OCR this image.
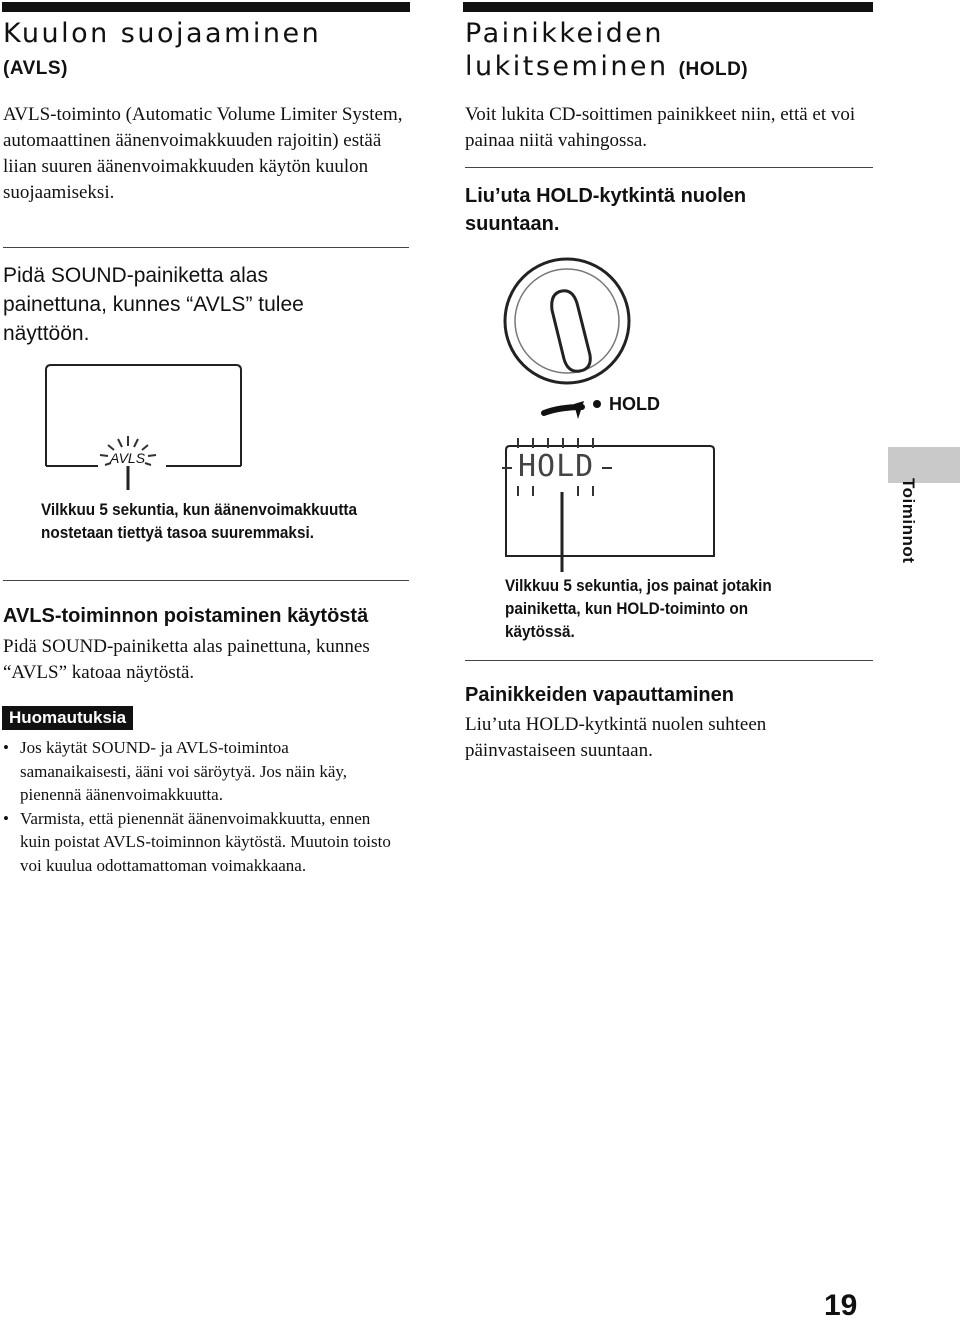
Kuulon suojaaminen
(AVLS)
AVLS-toiminto (Automatic Volume Limiter System, automaattinen äänenvoimakkuuden rajoitin) estää liian suuren äänenvoimakkuuden käytön kuulon suojaamiseksi.
Pidä SOUND-painiketta alas painettuna, kunnes “AVLS” tulee näyttöön.
AVLS
Vilkkuu 5 sekuntia, kun äänenvoimakkuutta nostetaan tiettyä tasoa suuremmaksi.
AVLS-toiminnon poistaminen käytöstä
Pidä SOUND-painiketta alas painettuna, kunnes “AVLS” katoaa näytöstä.
Huomautuksia
• Jos käytät SOUND- ja AVLS-toimintoa samanaikaisesti, ääni voi säröytyä. Jos näin käy, pienennä äänenvoimakkuutta.
• Varmista, että pienennät äänenvoimakkuutta, ennen kuin poistat AVLS-toiminnon käytöstä. Muutoin toisto voi kuulua odottamattoman voimakkaana.
Painikkeiden
lukitseminen (HOLD)
Voit lukita CD-soittimen painikkeet niin, että et voi painaa niitä vahingossa.
Liu’uta HOLD-kytkintä nuolen suuntaan.
HOLD
HOLD
Vilkkuu 5 sekuntia, jos painat jotakin painiketta, kun HOLD-toiminto on käytössä.
Painikkeiden vapauttaminen
Liu’uta HOLD-kytkintä nuolen suhteen päinvastaiseen suuntaan.
Toiminnot
19
